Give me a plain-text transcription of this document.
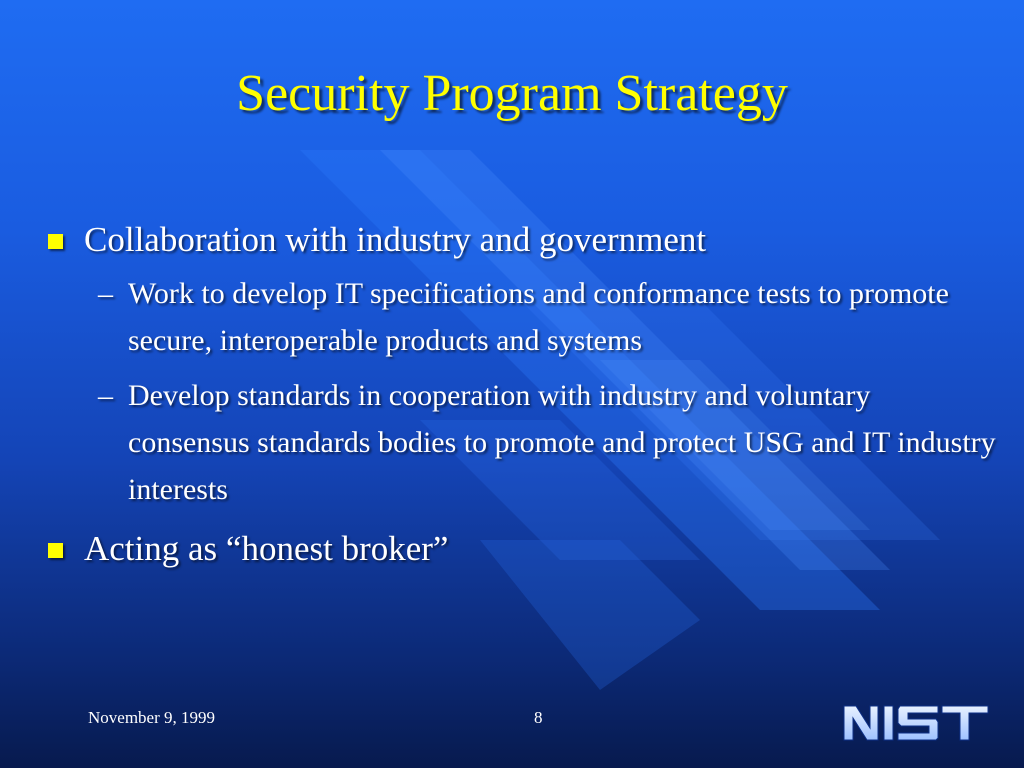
Security Program Strategy
Collaboration with industry and government
– Work to develop IT specifications and conformance tests to promote secure, interoperable products and systems
– Develop standards in cooperation with industry and voluntary consensus standards bodies to promote and protect USG and IT industry interests
Acting as “honest broker”
November 9, 1999	8
